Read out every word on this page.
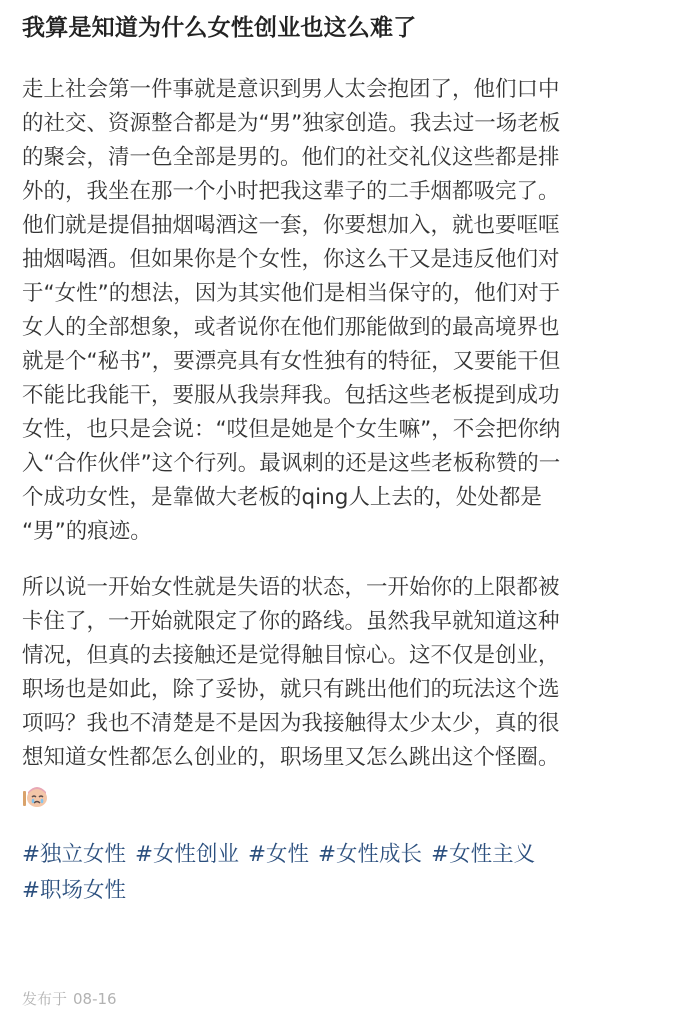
我算是知道为什么女性创业也这么难了

走上社会第一件事就是意识到男人太会抱团了，他们口中

的社交、资源整合都是为“男”独家创造。我去过一场老板

的聚会，清一色全部是男的。他们的社交礼仪这些都是排

外的，我坐在那一个小时把我这辈子的二手烟都吸完了。

他们就是提倡抽烟喝酒这一套，你要想加入，就也要哐哐

抽烟喝酒。但如果你是个女性，你这么干又是违反他们对

于“女性”的想法，因为其实他们是相当保守的，他们对于

女人的全部想象，或者说你在他们那能做到的最高境界也

就是个“秘书”，要漂亮具有女性独有的特征，又要能干但

不能比我能干，要服从我崇拜我。包括这些老板提到成功

女性，也只是会说：“哎但是她是个女生嘛”，不会把你纳

入“合作伙伴”这个行列。最讽刺的还是这些老板称赞的一

个成功女性，是靠做大老板的qing人上去的，处处都是

“男”的痕迹。

所以说一开始女性就是失语的状态，一开始你的上限都被

卡住了，一开始就限定了你的路线。虽然我早就知道这种

情况，但真的去接触还是觉得触目惊心。这不仅是创业，

职场也是如此，除了妥协，就只有跳出他们的玩法这个选

项吗？我也不清楚是不是因为我接触得太少太少，真的很

想知道女性都怎么创业的，职场里又怎么跳出这个怪圈。

#独立女性 #女性创业 #女性 #女性成长 #女性主义
#职场女性
发布于 08-16
